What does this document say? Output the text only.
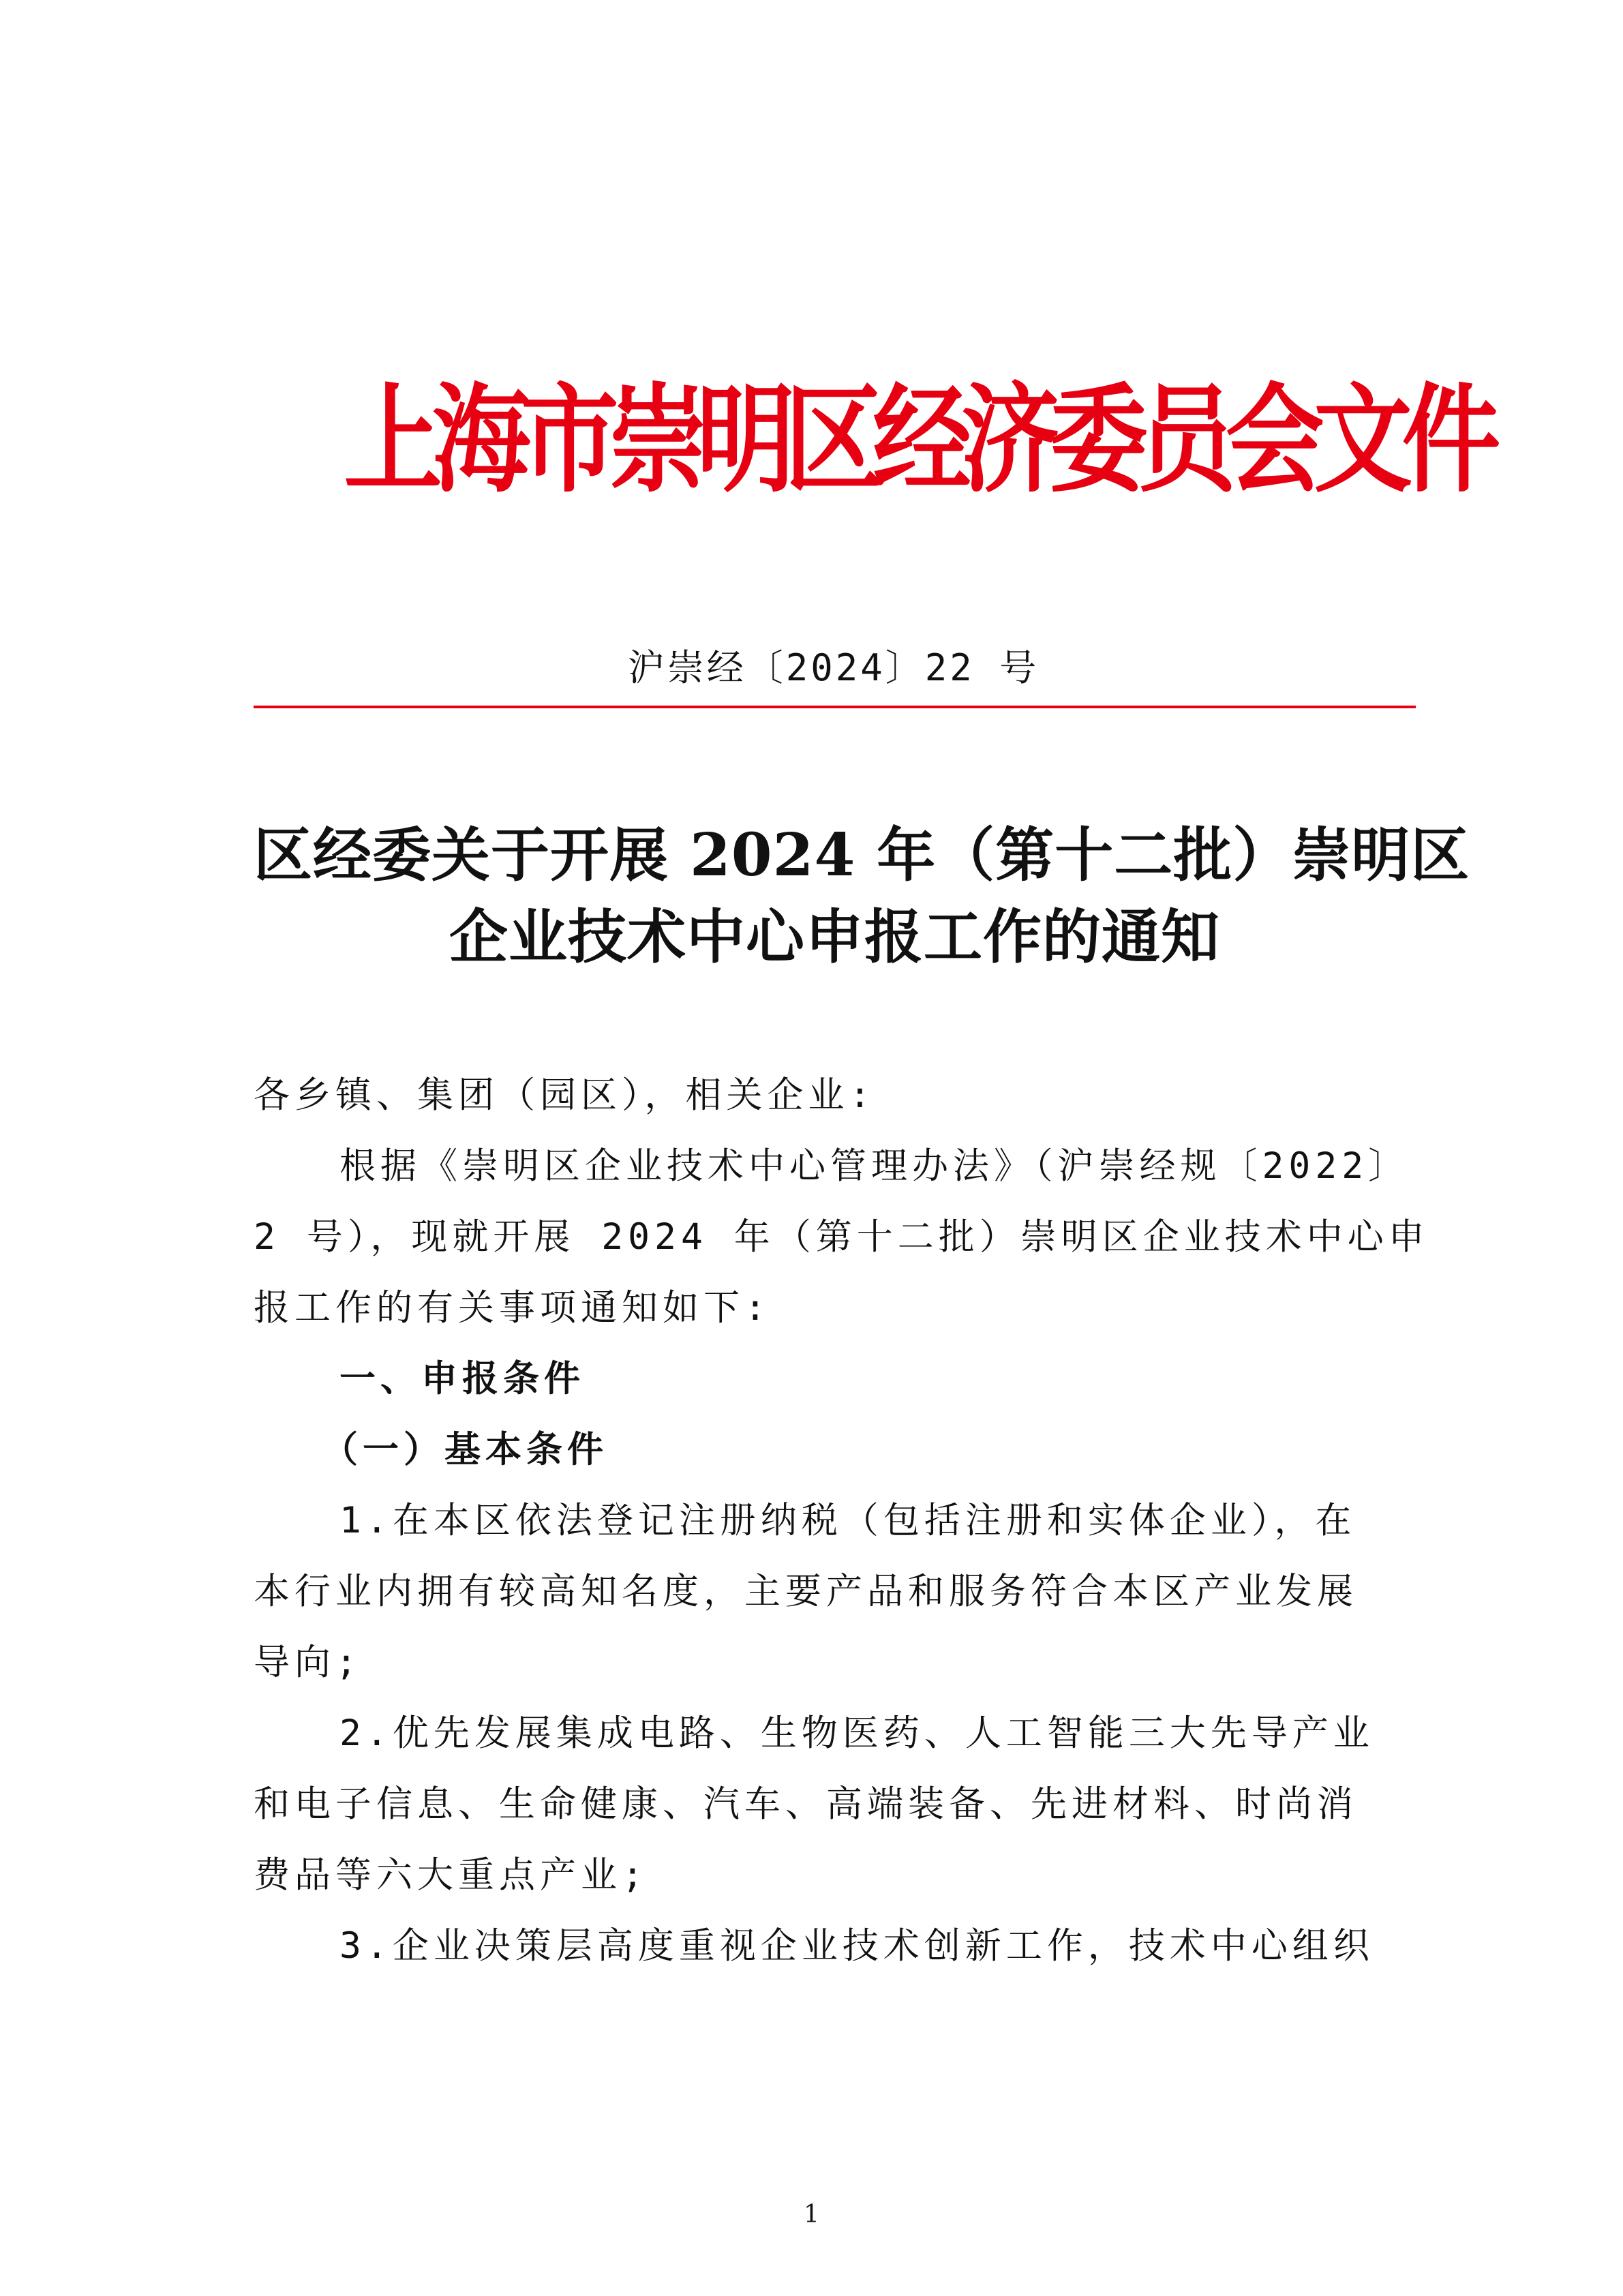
上海市崇明区经济委员会文件
沪崇经〔2024〕22 号
区经委关于开展 2024 年（第十二批）崇明区
企业技术中心申报工作的通知

各乡镇、集团（园区），相关企业:

根据《崇明区企业技术中心管理办法》（沪崇经规〔2022〕

2 号），现就开展 2024 年（第十二批）崇明区企业技术中心申

报工作的有关事项通知如下:

一、申报条件

（一）基本条件

1.在本区依法登记注册纳税（包括注册和实体企业），在

本行业内拥有较高知名度，主要产品和服务符合本区产业发展

导向;

2.优先发展集成电路、生物医药、人工智能三大先导产业

和电子信息、生命健康、汽车、高端装备、先进材料、时尚消

费品等六大重点产业;

3.企业决策层高度重视企业技术创新工作，技术中心组织

1
